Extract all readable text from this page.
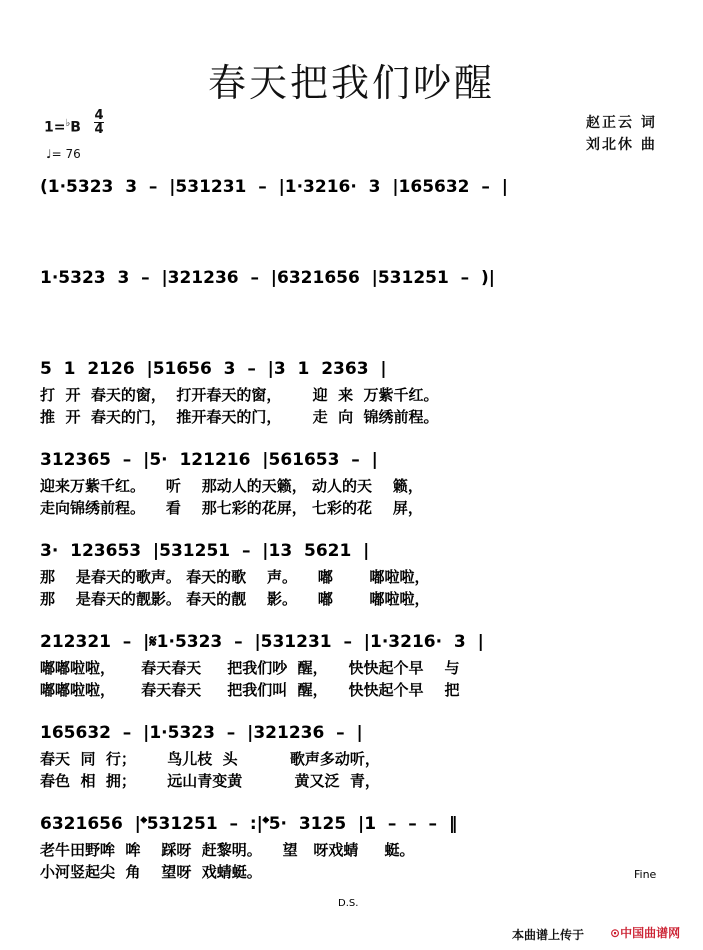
春天把我们吵醒
1=♭B
4
4
♩= 76
赵正云 词
刘北休 曲
(1·5323  3  –  |531231  –  |1·3216·  3  |165632  –  |
1·5323  3  –  |321236  –  |6321656  |531251  –  )|
5  1  2126  |51656  3  –  |3  1  2363  |
打  开  春天的窗，  打开春天的窗，      迎  来  万紫千红。
推  开  春天的门，  推开春天的门，      走  向  锦绣前程。
312365  –  |5·  121216  |561653  –  |
迎来万紫千红。    听    那动人的天籁， 动人的天    籁，
走向锦绣前程。    看    那七彩的花屏， 七彩的花    屏，
3·  123653  |531251  –  |13  5621  |
那    是春天的歌声。 春天的歌    声。    嘟       嘟啦啦，
那    是春天的靓影。 春天的靓    影。    嘟       嘟啦啦，
212321  –  |𝄋1·5323  –  |531231  –  |1·3216·  3  |
嘟嘟啦啦，     春天春天     把我们吵  醒，    快快起个早    与
嘟嘟啦啦，     春天春天     把我们叫  醒，    快快起个早    把
165632  –  |1·5323  –  |321236  –  |
春天  同  行；      鸟儿枝  头          歌声多动听，
春色  相  拥；      远山青变黄          黄又泛  青，
6321656  |𝄌531251  –  :|𝄌5·  3125  |1  –  –  –  ‖
老牛田野哞  哞    踩呀  赶黎明。    望   呀戏蜻     蜓。
小河竖起尖  角    望呀  戏蜻蜓。	Fine
D.S.
本曲谱上传于 ⊙中国曲谱网
